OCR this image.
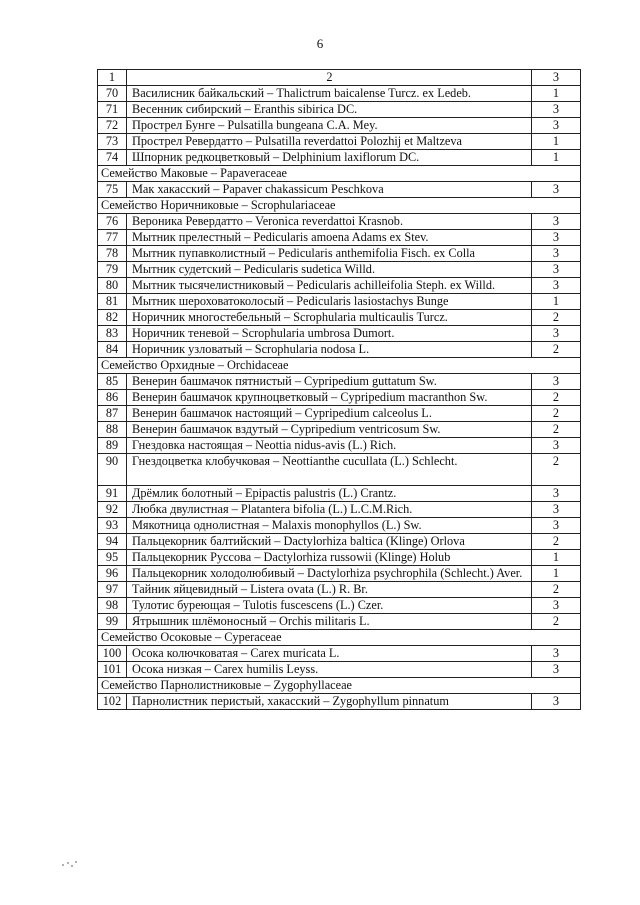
6
1	2	3
70	Василисник байкальский – Thalictrum baicalense Turcz. ex Ledeb.	1
71	Весенник сибирский – Eranthis sibirica DC.	3
72	Прострел Бунге – Pulsatilla bungeana C.A. Mey.	3
73	Прострел Ревердатто – Pulsatilla reverdattoi Polozhij et Maltzeva	1
74	Шпорник редкоцветковый – Delphinium laxiflorum DC.	1
Семейство Маковые – Papaveraceae		
75	Мак хакасский – Papaver chakassicum Peschkova	3
Семейство Норичниковые – Scrophulariaceae		
76	Вероника Ревердатто – Veronica reverdattoi Krasnob.	3
77	Мытник прелестный – Pedicularis amoena Adams ex Stev.	3
78	Мытник пупавколистный – Pedicularis anthemifolia Fisch. ex Colla	3
79	Мытник судетский – Pedicularis sudetica Willd.	3
80	Мытник тысячелистниковый – Pedicularis achilleifolia Steph. ex Willd.	3
81	Мытник шероховатоколосый – Pedicularis lasiostachys Bunge	1
82	Норичник многостебельный – Scrophularia multicaulis Turcz.	2
83	Норичник теневой – Scrophularia umbrosa Dumort.	3
84	Норичник узловатый – Scrophularia nodosa L.	2
Семейство Орхидные – Orchidaceae		
85	Венерин башмачок пятнистый – Cypripedium guttatum Sw.	3
86	Венерин башмачок крупноцветковый – Cypripedium macranthon Sw.	2
87	Венерин башмачок настоящий – Cypripedium calceolus L.	2
88	Венерин башмачок вздутый – Cypripedium ventricosum Sw.	2
89	Гнездовка настоящая – Neottia nidus-avis (L.) Rich.	3
90	Гнездоцветка клобучковая – Neottianthe cucullata (L.) Schlecht.	2
91	Дрёмлик болотный – Epipactis palustris (L.) Crantz.	3
92	Любка двулистная – Platantera bifolia (L.) L.C.M.Rich.	3
93	Мякотница однолистная – Malaxis monophyllos (L.) Sw.	3
94	Пальцекорник балтийский – Dactylorhiza baltica (Klinge) Orlova	2
95	Пальцекорник Руссова – Dactylorhiza russowii (Klinge) Holub	1
96	Пальцекорник холодолюбивый – Dactylorhiza psychrophila (Schlecht.) Aver.	1
97	Тайник яйцевидный – Listera ovata (L.) R. Br.	2
98	Тулотис буреющая – Tulotis fuscescens (L.) Czer.	3
99	Ятрышник шлёмоносный – Orchis militaris L.	2
Семейство Осоковые – Cyperaceae		
100	Осока колючковатая – Carex muricata L.	3
101	Осока низкая – Carex humilis Leyss.	3
Семейство Парнолистниковые – Zygophyllaceae		
102	Парнолистник перистый, хакасский – Zygophyllum pinnatum	3
